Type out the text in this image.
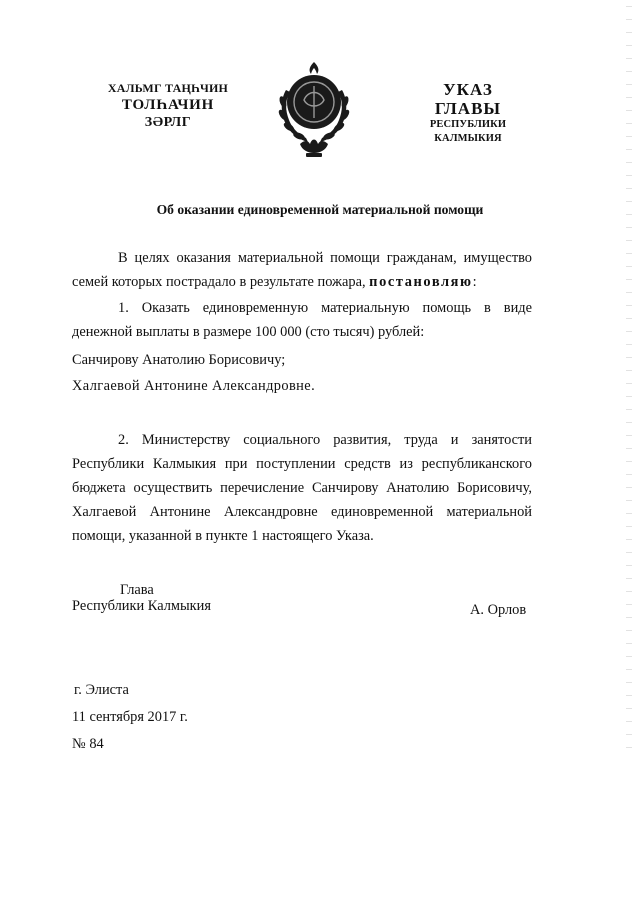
ХАЛЬМГ ТАҢҺЧИН
ТОЛҺАЧИН
ЗӘРЛГ
УКАЗ
ГЛАВЫ
РЕСПУБЛИКИ КАЛМЫКИЯ
Об оказании единовременной материальной помощи
В целях оказания материальной помощи гражданам, имущество семей которых пострадало в результате пожара, постановляю:
1. Оказать единовременную материальную помощь в виде денежной выплаты в размере 100 000 (сто тысяч) рублей:
Санчирову Анатолию Борисовичу;
Халгаевой Антонине Александровне.
2. Министерству социального развития, труда и занятости Республики Калмыкия при поступлении средств из республиканского бюджета осуществить перечисление Санчирову Анатолию Борисовичу, Халгаевой Антонине Александровне единовременной материальной помощи, указанной в пункте 1 настоящего Указа.
Глава
Республики Калмыкия	А. Орлов
г. Элиста
11 сентября 2017 г.
№ 84
